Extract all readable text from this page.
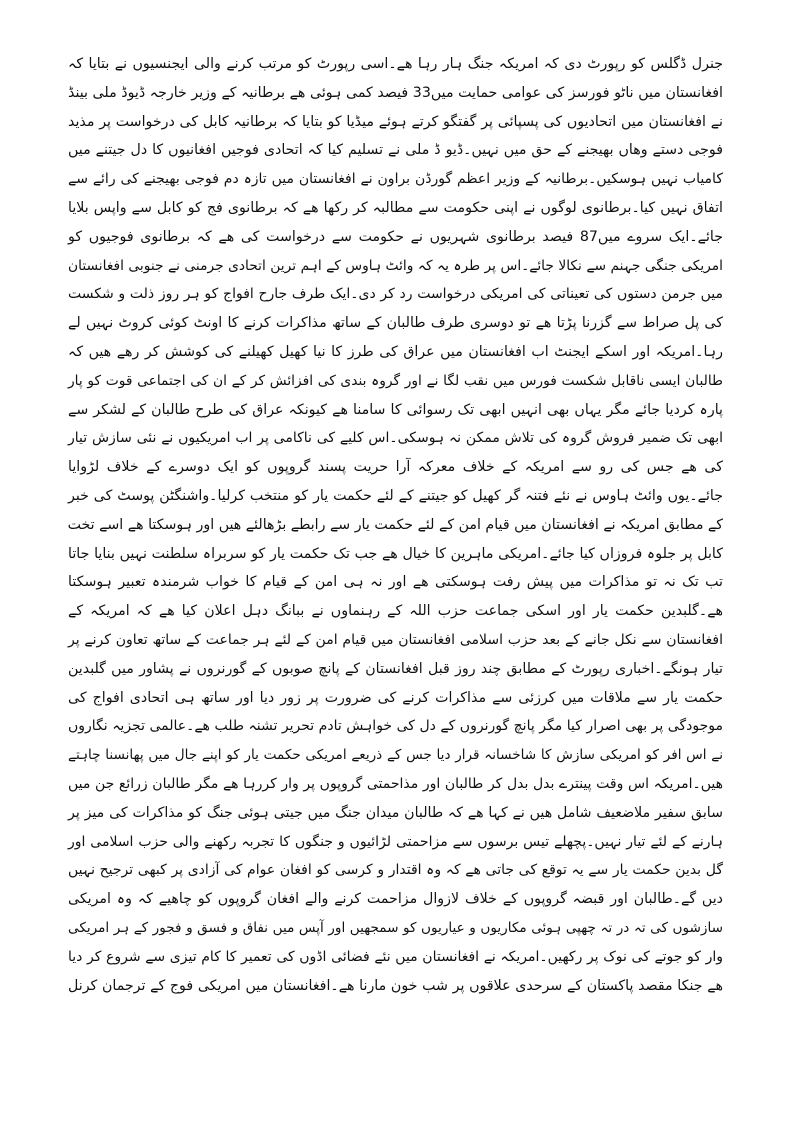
جنرل ڈگلس کو رپورٹ دی کہ امریکہ جنگ ہار رہا ھے۔اسی رپورٹ کو مرتب کرنے والی ایجنسیوں نے بتایا کہ
افغانستان میں ناٹو فورسز کی عوامی حمایت میں33 فیصد کمی ہوئی ھے برطانیہ کے وزیر خارجہ ڈیوڈ ملی بینڈ
نے افغانستان میں اتحادیوں کی پسپائی پر گفتگو کرتے ہوئے میڈیا کو بتایا کہ برطانیہ کابل کی درخواست پر مذید
فوجی دستے وھاں بھیجنے کے حق میں نہیں۔ڈیو ڈ ملی نے تسلیم کیا کہ اتحادی فوجیں افغانیوں کا دل جیتنے میں
کامیاب نہیں ہوسکیں۔برطانیہ کے وزیر اعظم گورڈن براون نے افغانستان میں تازہ دم فوجی بھیجنے کی رائے سے
اتفاق نہیں کیا۔برطانوی لوگوں نے اپنی حکومت سے مطالبہ کر رکھا ھے کہ برطانوی فج کو کابل سے واپس بلایا
جائے۔ایک سروے میں87 فیصد برطانوی شہریوں نے حکومت سے درخواست کی ھے کہ برطانوی فوجیوں کو
امریکی جنگی جہنم سے نکالا جائے۔اس پر طرہ یہ کہ وائٹ ہاوس کے اہم ترین اتحادی جرمنی نے جنوبی افغانستان
میں جرمن دستوں کی تعیناتی کی امریکی درخواست رد کر دی۔ایک طرف جارح افواج کو ہر روز ذلت و شکست
کی پل صراط سے گزرنا پڑتا ھے تو دوسری طرف طالبان کے ساتھ مذاکرات کرنے کا اونٹ کوئی کروٹ نہیں لے
رہا۔امریکہ اور اسکے ایجنٹ اب افغانستان میں عراق کی طرز کا نیا کھیل کھیلنے کی کوشش کر رھے ھیں کہ
طالبان ایسی ناقابل شکست فورس میں نقب لگا نے اور گروہ بندی کی افزائش کر کے ان کی اجتماعی قوت کو پار
پارہ کردیا جائے مگر یہاں بھی انہیں ابھی تک رسوائی کا سامنا ھے کیونکہ عراق کی طرح طالبان کے لشکر سے
ابھی تک ضمیر فروش گروہ کی تلاش ممکن نہ ہوسکی۔اس کلیے کی ناکامی پر اب امریکیوں نے نئی سازش تیار
کی ھے جس کی رو سے امریکہ کے خلاف معرکہ آرا حریت پسند گروپوں کو ایک دوسرے کے خلاف لڑوایا
جائے۔یوں وائٹ ہاوس نے نئے فتنہ گر کھیل کو جیتنے کے لئے حکمت یار کو منتخب کرلیا۔واشنگٹن پوسٹ کی خبر
کے مطابق امریکہ نے افغانستان میں قیام امن کے لئے حکمت یار سے رابطے بڑھالئے ھیں اور ہوسکتا ھے اسے تخت
کابل پر جلوہ فروزاں کیا جائے۔امریکی ماہرین کا خیال ھے جب تک حکمت یار کو سربراہ سلطنت نہیں بنایا جاتا
تب تک نہ تو مذاکرات میں پیش رفت ہوسکتی ھے اور نہ ہی امن کے قیام کا خواب شرمندہ تعبیر ہوسکتا
ھے۔گلبدین حکمت یار اور اسکی جماعت حزب اللہ کے رہنماوں نے ببانگ دہل اعلان کیا ھے کہ امریکہ کے
افغانستان سے نکل جانے کے بعد حزب اسلامی افغانستان میں قیام امن کے لئے ہر جماعت کے ساتھ تعاون کرنے پر
تیار ہونگے۔اخباری رپورٹ کے مطابق چند روز قبل افغانستان کے پانچ صوبوں کے گورنروں نے پشاور میں گلبدین
حکمت یار سے ملاقات میں کرزئی سے مذاکرات کرنے کی ضرورت پر زور دیا اور ساتھ ہی اتحادی افواج کی
موجودگی پر بھی اصرار کیا مگر پانچ گورنروں کے دل کی خواہش تادم تحریر تشنہ طلب ھے۔عالمی تجزیہ نگاروں
نے اس افر کو امریکی سازش کا شاخسانہ قرار دیا جس کے ذریعے امریکی حکمت یار کو اپنے جال میں پھانسنا چاہتے
ھیں۔امریکہ اس وقت پینترے بدل بدل کر طالبان اور مذاحمتی گروپوں پر وار کررہا ھے مگر طالبان زرائع جن میں
سابق سفیر ملاضعیف شامل ھیں نے کہا ھے کہ طالبان میدان جنگ میں جیتی ہوئی جنگ کو مذاکرات کی میز پر
ہارنے کے لئے تیار نہیں۔پچھلے تیس برسوں سے مزاحمتی لڑائیوں و جنگوں کا تجربہ رکھنے والی حزب اسلامی اور
گل بدین حکمت یار سے یہ توقع کی جاتی ھے کہ وہ اقتدار و کرسی کو افغان عوام کی آزادی پر کبھی ترجیح نہیں
دیں گے۔طالبان اور قبضہ گروپوں کے خلاف لازوال مزاحمت کرنے والے افغان گروپوں کو چاھیے کہ وہ امریکی
سازشوں کی تہ در تہ چھپی ہوئی مکاریوں و عیاریوں کو سمجھیں اور آپس میں نفاق و فسق و فجور کے ہر امریکی
وار کو جوتے کی نوک پر رکھیں۔امریکہ نے افغانستان میں نئے فضائی اڈوں کی تعمیر کا کام تیزی سے شروع کر دیا
ھے جنکا مقصد پاکستان کے سرحدی علاقوں پر شب خون مارنا ھے۔افغانستان میں امریکی فوج کے ترجمان کرنل
